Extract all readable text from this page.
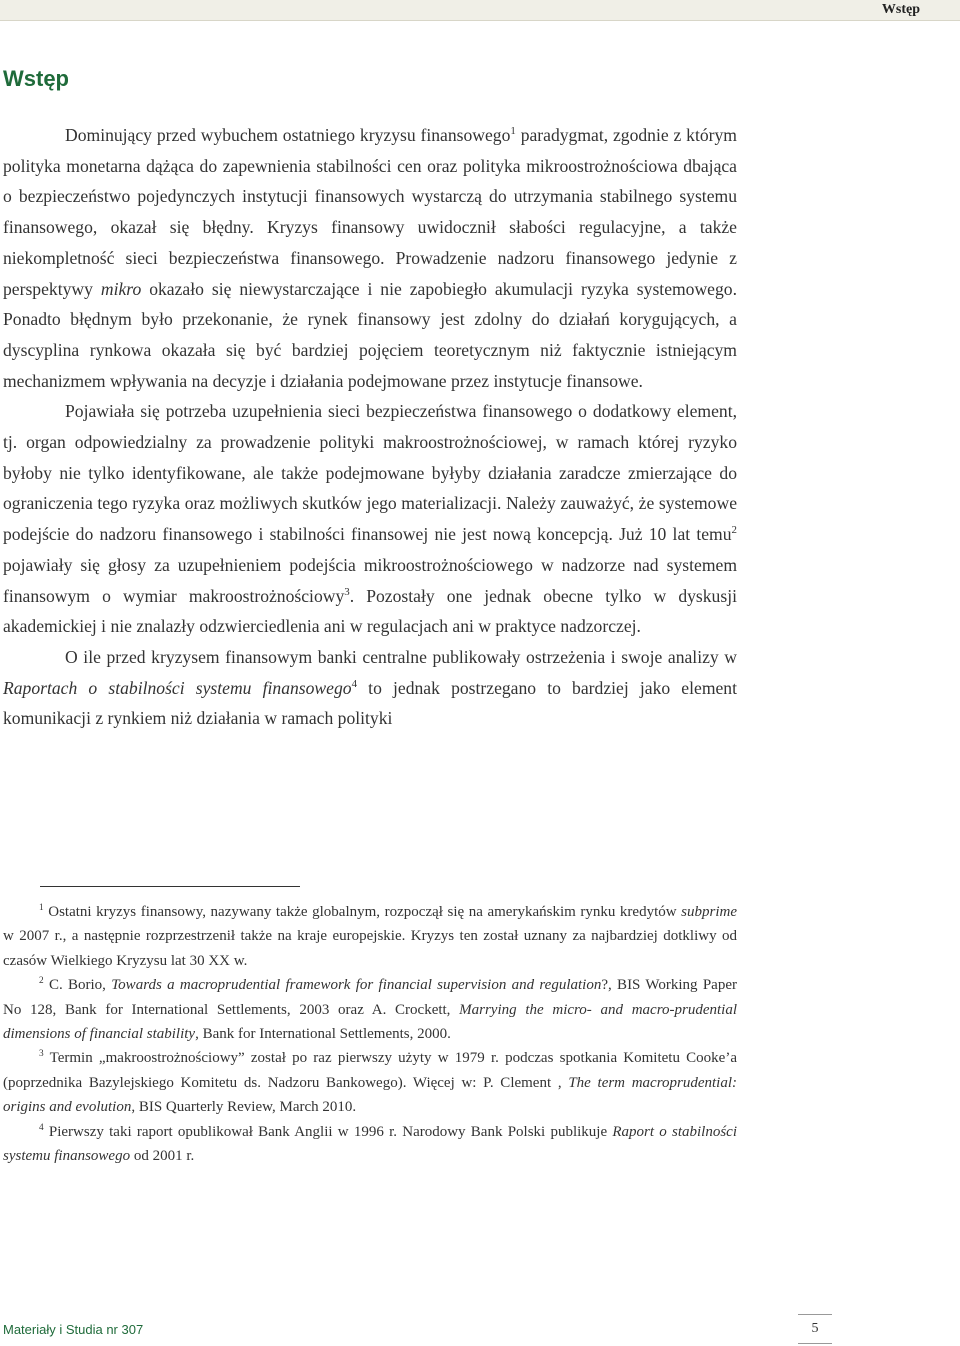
Wstęp
Wstęp

Dominujący przed wybuchem ostatniego kryzysu finansowego$^1$ paradygmat, zgodnie z którym polityka monetarna dążąca do zapewnienia stabilności cen oraz polityka mikroostrożnościowa dbająca o bezpieczeństwo pojedynczych instytucji finansowych wystarczą do utrzymania stabilnego systemu finansowego, okazał się błędny. Kryzys finansowy uwidocznił słabości regulacyjne, a także niekompletność sieci bezpieczeństwa finansowego. Prowadzenie nadzoru finansowego jedynie z perspektywy mikro okazało się niewystarczające i nie zapobiegło akumulacji ryzyka systemowego. Ponadto błędnym było przekonanie, że rynek finansowy jest zdolny do działań korygujących, a dyscyplina rynkowa okazała się być bardziej pojęciem teoretycznym niż faktycznie istniejącym mechanizmem wpływania na decyzje i działania podejmowane przez instytucje finansowe.

Pojawiała się potrzeba uzupełnienia sieci bezpieczeństwa finansowego o dodatkowy element, tj. organ odpowiedzialny za prowadzenie polityki makroostrożnościowej, w ramach której ryzyko byłoby nie tylko identyfikowane, ale także podejmowane byłyby działania zaradcze zmierzające do ograniczenia tego ryzyka oraz możliwych skutków jego materializacji. Należy zauważyć, że systemowe podejście do nadzoru finansowego i stabilności finansowej nie jest nową koncepcją. Już 10 lat temu$^2$ pojawiały się głosy za uzupełnieniem podejścia mikroostrożnościowego w nadzorze nad systemem finansowym o wymiar makroostrożnościowy$^3$. Pozostały one jednak obecne tylko w dyskusji akademickiej i nie znalazły odzwierciedlenia ani w regulacjach ani w praktyce nadzorczej.

O ile przed kryzysem finansowym banki centralne publikowały ostrzeżenia i swoje analizy w Raportach o stabilności systemu finansowego$^4$ to jednak postrzegano to bardziej jako element komunikacji z rynkiem niż działania w ramach polityki

$^1$ Ostatni kryzys finansowy, nazywany także globalnym, rozpoczął się na amerykańskim rynku kredytów subprime w 2007 r., a następnie rozprzestrzenił także na kraje europejskie. Kryzys ten został uznany za najbardziej dotkliwy od czasów Wielkiego Kryzysu lat 30 XX w.

$^2$ C. Borio, Towards a macroprudential framework for financial supervision and regulation?, BIS Working Paper No 128, Bank for International Settlements, 2003 oraz A. Crockett, Marrying the micro- and macro-prudential dimensions of financial stability, Bank for International Settlements, 2000.

$^3$ Termin „makroostrożnościowy” został po raz pierwszy użyty w 1979 r. podczas spotkania Komitetu Cooke’a (poprzednika Bazylejskiego Komitetu ds. Nadzoru Bankowego). Więcej w: P. Clement , The term macroprudential: origins and evolution, BIS Quarterly Review, March 2010.

$^4$ Pierwszy taki raport opublikował Bank Anglii w 1996 r. Narodowy Bank Polski publikuje Raport o stabilności systemu finansowego od 2001 r.

Materiały i Studia nr 307	5
